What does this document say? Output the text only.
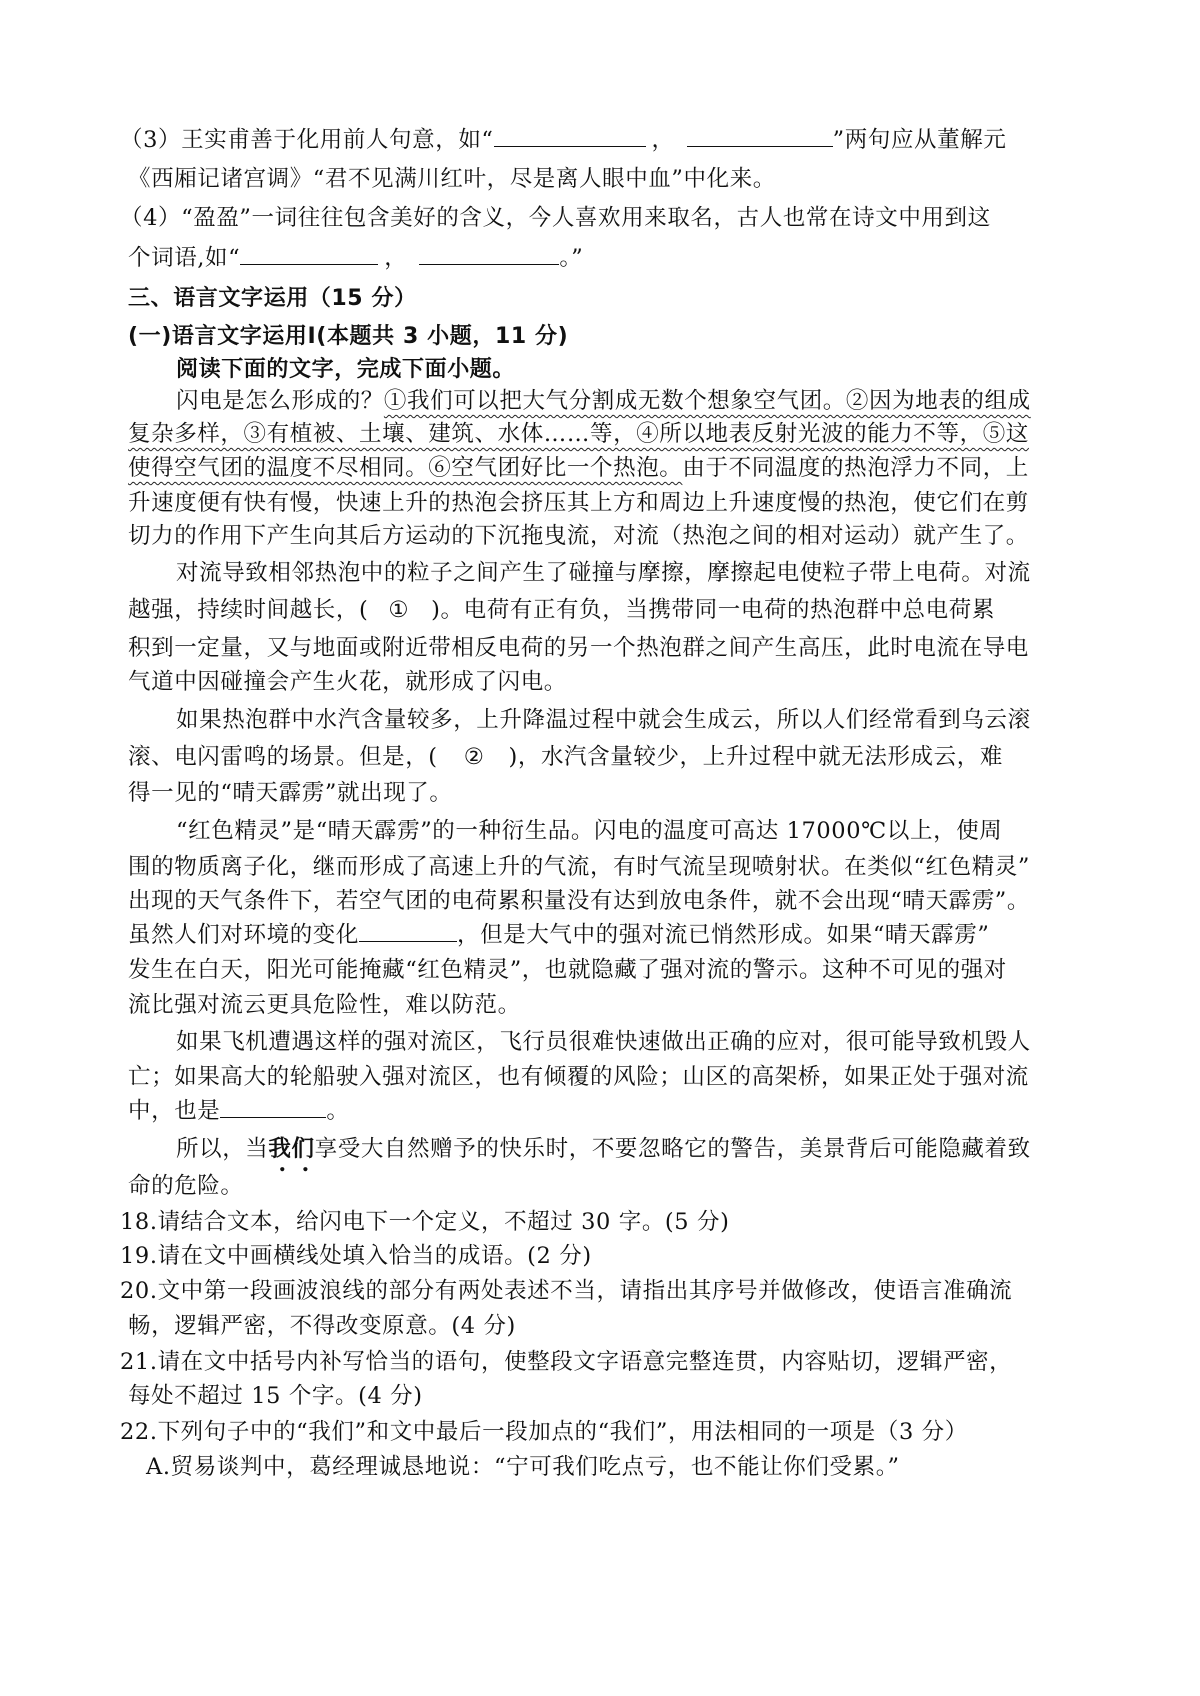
（3）王实甫善于化用前人句意，如“	，	”两句应从董解元
《西厢记诸宫调》“君不见满川红叶，尽是离人眼中血”中化来。
（4）“盈盈”一词往往包含美好的含义，今人喜欢用来取名，古人也常在诗文中用到这
个词语,如“	，	。”
三、语言文字运用（15 分）
(一)语言文字运用Ⅰ(本题共 3 小题，11 分)
阅读下面的文字，完成下面小题。
闪电是怎么形成的？①我们可以把大气分割成无数个想象空气团。②因为地表的组成
复杂多样，③有植被、土壤、建筑、水体……等，④所以地表反射光波的能力不等，⑤这
使得空气团的温度不尽相同。⑥空气团好比一个热泡。由于不同温度的热泡浮力不同，上
升速度便有快有慢，快速上升的热泡会挤压其上方和周边上升速度慢的热泡，使它们在剪
切力的作用下产生向其后方运动的下沉拖曳流，对流（热泡之间的相对运动）就产生了。
对流导致相邻热泡中的粒子之间产生了碰撞与摩擦，摩擦起电使粒子带上电荷。对流
越强，持续时间越长，( ① )。电荷有正有负，当携带同一电荷的热泡群中总电荷累
积到一定量，又与地面或附近带相反电荷的另一个热泡群之间产生高压，此时电流在导电
气道中因碰撞会产生火花，就形成了闪电。
如果热泡群中水汽含量较多，上升降温过程中就会生成云，所以人们经常看到乌云滚
滚、电闪雷鸣的场景。但是，( ② )，水汽含量较少，上升过程中就无法形成云，难
得一见的“晴天霹雳”就出现了。
“红色精灵”是“晴天霹雳”的一种衍生品。闪电的温度可高达 17000℃以上，使周
围的物质离子化，继而形成了高速上升的气流，有时气流呈现喷射状。在类似“红色精灵”
出现的天气条件下，若空气团的电荷累积量没有达到放电条件，就不会出现“晴天霹雳”。
虽然人们对环境的变化	，但是大气中的强对流已悄然形成。如果“晴天霹雳”
发生在白天，阳光可能掩藏“红色精灵”，也就隐藏了强对流的警示。这种不可见的强对
流比强对流云更具危险性，难以防范。
如果飞机遭遇这样的强对流区，飞行员很难快速做出正确的应对，很可能导致机毁人
亡；如果高大的轮船驶入强对流区，也有倾覆的风险；山区的高架桥，如果正处于强对流
中，也是	。
所以，当我们享受大自然赠予的快乐时，不要忽略它的警告，美景背后可能隐藏着致
命的危险。
18.请结合文本，给闪电下一个定义，不超过 30 字。(5 分)
19.请在文中画横线处填入恰当的成语。(2 分)
20.文中第一段画波浪线的部分有两处表述不当，请指出其序号并做修改，使语言准确流
畅，逻辑严密，不得改变原意。(4 分)
21.请在文中括号内补写恰当的语句，使整段文字语意完整连贯，内容贴切，逻辑严密，
每处不超过 15 个字。(4 分)
22.下列句子中的“我们”和文中最后一段加点的“我们”，用法相同的一项是（3 分）
A.贸易谈判中，葛经理诚恳地说：“宁可我们吃点亏，也不能让你们受累。”
